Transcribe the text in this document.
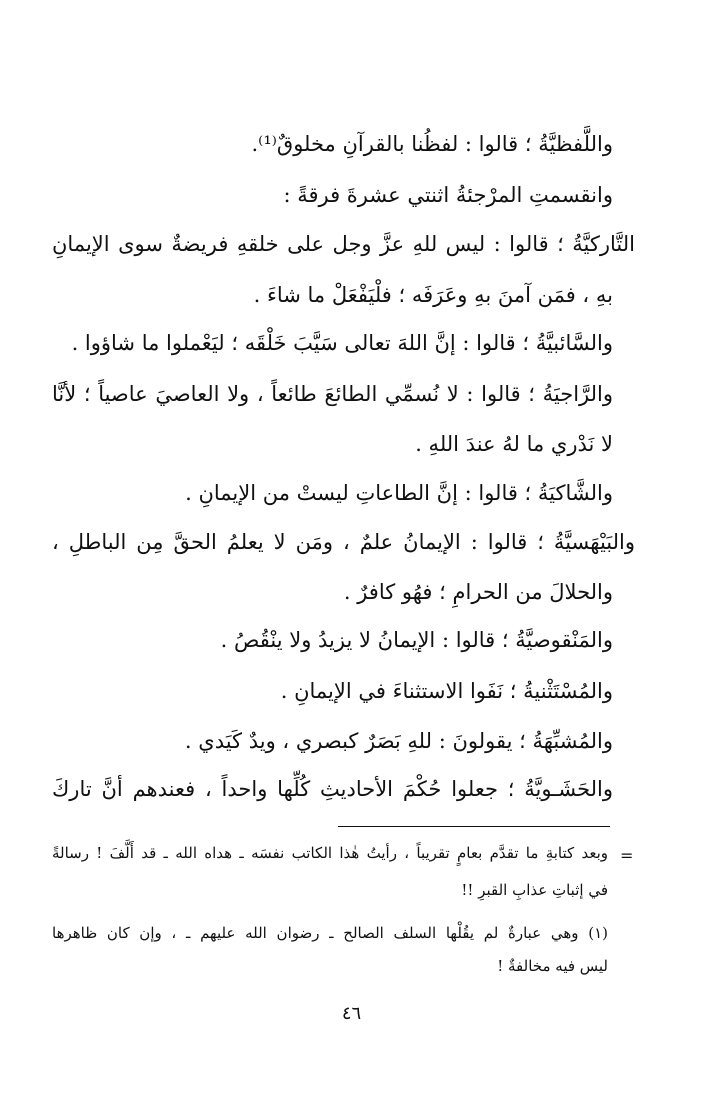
واللَّفظيَّةُ ؛ قالوا : لفظُنا بالقرآنِ مخلوقٌ⁽¹⁾.
وانقسمتِ المرْجئةُ اثنتي عشرةَ فرقةً :
التَّاركيَّةُ ؛ قالوا : ليس للهِ عزَّ وجل على خلقهِ فريضةٌ سوى الإيمانِ
بهِ ، فمَن آمنَ بهِ وعَرَفَه ؛ فلْيَفْعَلْ ما شاءَ .
والسَّائبيَّةُ ؛ قالوا : إنَّ اللهَ تعالى سَيَّبَ خَلْقَه ؛ ليَعْملوا ما شاؤوا .
والرَّاجيَةُ ؛ قالوا : لا نُسمِّي الطائعَ طائعاً ، ولا العاصيَ عاصياً ؛ لأنَّا
لا نَدْري ما لهُ عندَ اللهِ .
والشَّاكيَةُ ؛ قالوا : إنَّ الطاعاتِ ليستْ من الإيمانِ .
والبَيْهَسيَّةُ ؛ قالوا : الإيمانُ علمٌ ، ومَن لا يعلمُ الحقَّ مِن الباطلِ ،
والحلالَ من الحرامِ ؛ فهُو كافرٌ .
والمَنْقوصيَّةُ ؛ قالوا : الإيمانُ لا يزيدُ ولا ينْقُصُ .
والمُسْتَثْنيةُ ؛ نَفَوا الاستثناءَ في الإيمانِ .
والمُشبِّهَةُ ؛ يقولونَ : للهِ بَصَرٌ كبصري ، ويدٌ كَيَدي .
والحَشَـويَّةُ ؛ جعلوا حُكْمَ الأحاديثِ كُلِّها واحداً ، فعندهم أنَّ تاركَ
=
وبعد كتابةِ ما تقدَّم بعامٍ تقريباً ، رأيتُ هٰذا الكاتب نفسَه ـ هداه الله ـ قد أَلَّفَ ! رسالةً
في إثباتِ عذابِ القبرِ !!
(١) وهي عبارةٌ لم يقُلْها السلف الصالح ـ رضوان الله عليهم ـ ، وإن كان ظاهرها
ليس فيه مخالفةٌ !
٤٦
